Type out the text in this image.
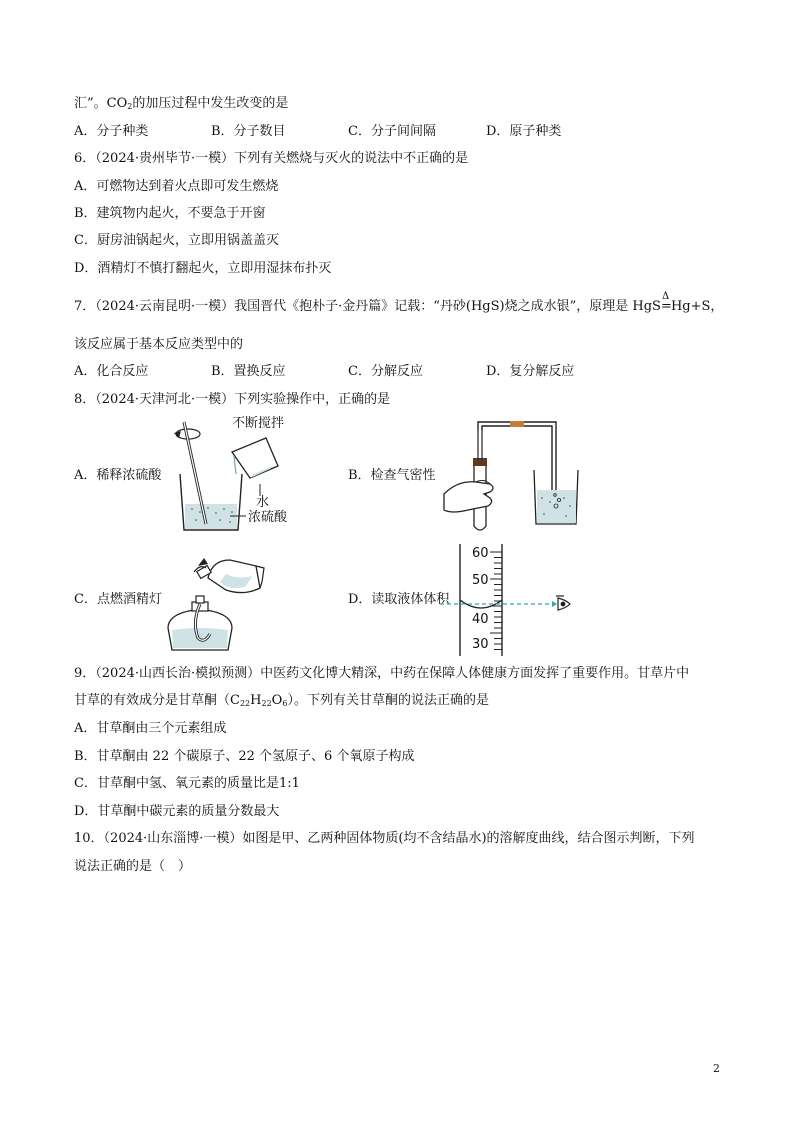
汇”。$CO_2$的加压过程中发生改变的是
A．分子种类	B．分子数目	C．分子间间隔	D．原子种类
6．（2024·贵州毕节·一模）下列有关燃烧与灭火的说法中不正确的是
A．可燃物达到着火点即可发生燃烧
B．建筑物内起火，不要急于开窗
C．厨房油锅起火，立即用锅盖盖灭
D．酒精灯不慎打翻起火，立即用湿抹布扑灭
7．（2024·云南昆明·一模）我国晋代《抱朴子·金丹篇》记载：“丹砂(HgS)烧之成水银”，原理是 HgS
Δ
=Hg+S，
该反应属于基本反应类型中的
A．化合反应	B．置换反应	C．分解反应	D．复分解反应
8．（2024·天津河北·一模）下列实验操作中，正确的是
A．稀释浓硫酸	B．检查气密性
C．点燃酒精灯	D．读取液体体积
不断搅拌
水
浓硫酸
60
50
40
30
9．（2024·山西长治·模拟预测）中医药文化博大精深，中药在保障人体健康方面发挥了重要作用。甘草片中
甘草的有效成分是甘草酮$(C_{22}H_{22}O_6)$。下列有关甘草酮的说法正确的是
A．甘草酮由三个元素组成
B．甘草酮由 22 个碳原子、22 个氢原子、6 个氧原子构成
C．甘草酮中氢、氧元素的质量比是1:1
D．甘草酮中碳元素的质量分数最大
10．（2024·山东淄博·一模）如图是甲、乙两种固体物质(均不含结晶水)的溶解度曲线，结合图示判断，下列
说法正确的是（　）
2
